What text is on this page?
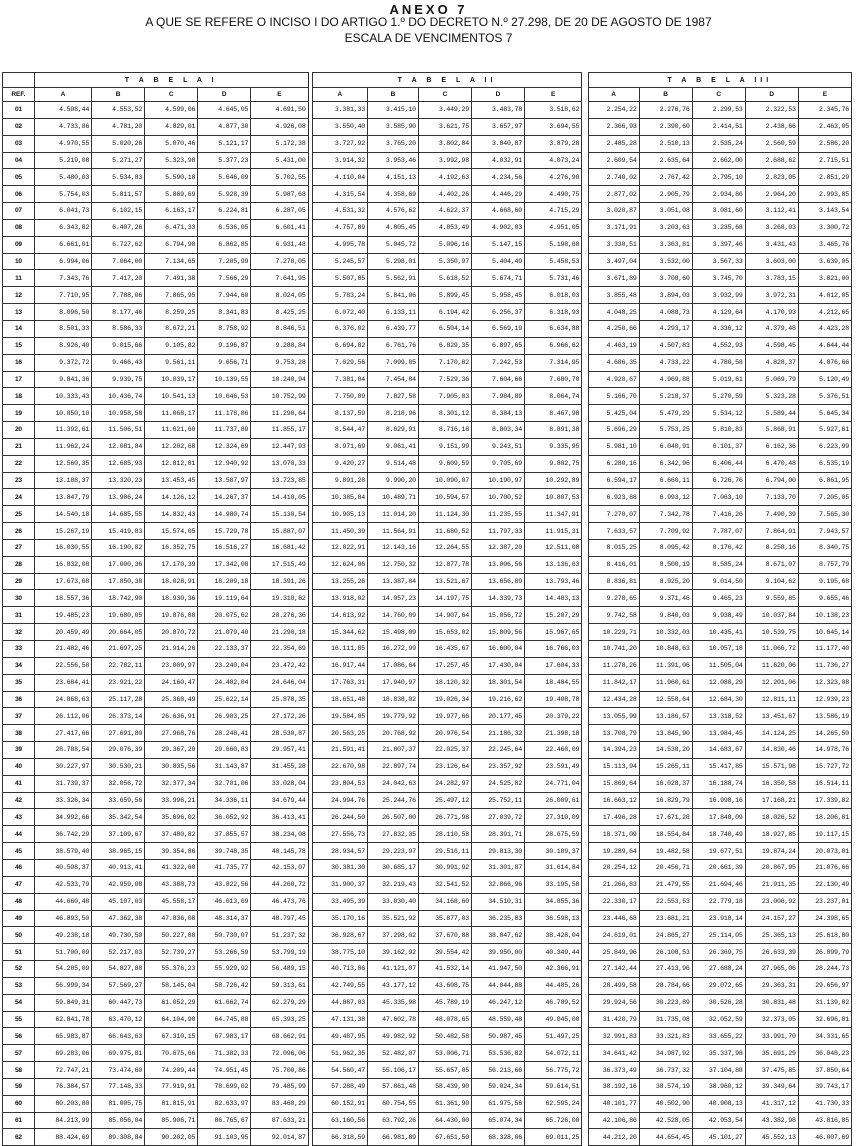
ANEXO 7
A QUE SE REFERE O INCISO I DO ARTIGO 1.º DO DECRETO N.º 27.298, DE 20 DE AGOSTO DE 1987
ESCALA DE VENCIMENTOS 7
	T A B E L A I						T A B E L A II						T A B E L A III				
REF.	A	B	C	D	E		A	B	C	D	E		A	B	C	D	E
01	4.508,44	4.553,52	4.599,06	4.645,05	4.691,50		3.381,33	3.415,10	3.449,29	3.483,78	3.518,62		2.254,22	2.276,76	2.299,53	2.322,53	2.345,76
02	4.733,86	4.781,20	4.829,01	4.877,30	4.926,08		3.550,40	3.585,90	3.621,75	3.657,97	3.694,55		2.366,93	2.390,60	2.414,51	2.438,66	2.463,05
03	4.970,55	5.020,26	5.070,46	5.121,17	5.172,38		3.727,92	3.765,20	3.802,84	3.840,87	3.879,28		2.485,28	2.510,13	2.535,24	2.560,59	2.586,20
04	5.219,08	5.271,27	5.323,98	5.377,23	5.431,00		3.914,32	3.953,46	3.992,98	4.032,91	4.073,24		2.609,54	2.635,64	2.662,00	2.688,62	2.715,51
05	5.480,03	5.534,83	5.590,18	5.646,09	5.702,55		4.110,04	4.151,13	4.192,63	4.234,56	4.276,90		2.740,02	2.767,42	2.795,10	2.823,05	2.851,29
06	5.754,03	5.811,57	5.869,69	5.928,39	5.987,68		4.315,54	4.358,69	4.402,26	4.446,29	4.490,75		2.877,02	2.905,79	2.934,86	2.964,20	2.993,85
07	6.041,73	6.102,15	6.163,17	6.224,81	6.287,05		4.531,32	4.576,62	4.622,37	4.668,60	4.715,29		3.020,87	3.051,08	3.081,60	3.112,41	3.143,54
08	6.343,82	6.407,26	6.471,33	6.536,05	6.601,41		4.757,89	4.805,45	4.853,49	4.902,03	4.951,05		3.171,91	3.203,63	3.235,68	3.268,03	3.300,72
09	6.661,01	6.727,62	6.794,90	6.862,85	6.931,48		4.995,78	5.045,72	5.096,16	5.147,15	5.198,60		3.330,51	3.363,81	3.397,46	3.431,43	3.465,76
10	6.994,06	7.064,00	7.134,65	7.205,99	7.278,05		5.245,57	5.298,01	5.350,97	5.404,49	5.458,53		3.497,04	3.532,00	3.567,33	3.603,00	3.639,05
11	7.343,76	7.417,20	7.491,38	7.566,29	7.641,95		5.507,85	5.562,91	5.618,52	5.674,71	5.731,46		3.671,89	3.708,60	3.745,70	3.783,15	3.821,00
12	7.710,95	7.788,06	7.865,95	7.944,60	8.024,05		5.783,24	5.841,06	5.899,45	5.958,45	6.018,03		3.855,48	3.894,03	3.932,99	3.972,31	4.012,05
13	8.096,50	8.177,46	8.259,25	8.341,83	8.425,25		6.072,40	6.133,11	6.194,42	6.256,37	6.318,93		4.048,25	4.088,73	4.129,64	4.170,93	4.212,65
14	8.501,33	8.586,33	8.672,21	8.758,92	8.846,51		6.376,02	6.439,77	6.504,14	6.569,19	6.634,88		4.250,66	4.293,17	4.336,12	4.379,48	4.423,28
15	8.926,40	9.015,66	9.105,82	9.196,87	9.288,84		6.694,82	6.761,76	6.829,35	6.897,65	6.966,62		4.463,19	4.507,83	4.552,93	4.598,45	4.644,44
16	9.372,72	9.466,43	9.561,11	9.656,71	9.753,28		7.029,56	7.099,85	7.170,82	7.242,53	7.314,95		4.686,35	4.733,22	4.780,58	4.828,37	4.876,66
17	9.841,36	9.939,75	10.039,17	10.139,55	10.240,94		7.381,04	7.454,84	7.529,36	7.604,66	7.680,70		4.920,67	4.969,88	5.019,61	5.069,79	5.120,49
18	10.333,43	10.436,74	10.541,13	10.646,53	10.752,99		7.750,09	7.827,58	7.905,83	7.984,89	8.064,74		5.166,70	5.218,37	5.270,59	5.323,28	5.376,51
19	10.850,10	10.958,58	11.068,17	11.178,86	11.290,64		8.137,59	8.218,96	8.301,12	8.384,13	8.467,98		5.425,04	5.479,29	5.534,12	5.589,44	5.645,34
20	11.392,61	11.506,51	11.621,60	11.737,80	11.855,17		8.544,47	8.629,91	8.716,18	8.803,34	8.891,38		5.696,29	5.753,25	5.810,83	5.868,91	5.927,61
21	11.962,24	12.081,84	12.202,68	12.324,69	12.447,93		8.971,69	9.061,41	9.151,99	9.243,51	9.335,95		5.981,10	6.040,91	6.101,37	6.162,36	6.223,99
22	12.560,35	12.685,93	12.812,81	12.940,92	13.070,33		9.420,27	9.514,48	9.609,59	9.705,69	9.802,75		6.280,16	6.342,96	6.406,44	6.470,48	6.535,19
23	13.188,37	13.320,23	13.453,45	13.587,97	13.723,85		9.891,28	9.990,20	10.090,07	10.190,97	10.292,89		6.594,17	6.660,11	6.726,76	6.794,00	6.861,95
24	13.847,79	13.986,24	14.126,12	14.267,37	14.410,05		10.385,84	10.489,71	10.594,57	10.700,52	10.807,53		6.923,88	6.993,12	7.063,10	7.133,70	7.205,05
25	14.540,18	14.685,55	14.832,43	14.980,74	15.130,54		10.905,13	11.014,20	11.124,30	11.235,55	11.347,91		7.270,07	7.342,78	7.416,26	7.490,39	7.565,30
26	15.267,19	15.419,83	15.574,05	15.729,78	15.887,07		11.450,39	11.564,91	11.680,52	11.797,33	11.915,31		7.633,57	7.709,92	7.787,07	7.864,91	7.943,57
27	16.030,55	16.190,82	16.352,75	16.516,27	16.681,42		12.022,91	12.143,16	12.264,55	12.387,20	12.511,08		8.015,25	8.095,42	8.176,42	8.258,16	8.340,75
28	16.832,08	17.000,36	17.170,39	17.342,08	17.515,49		12.624,06	12.750,32	12.877,78	13.006,56	13.136,63		8.416,01	8.500,19	8.585,24	8.671,07	8.757,79
29	17.673,68	17.850,38	18.028,91	18.209,18	18.391,26		13.255,26	13.387,84	13.521,67	13.656,89	13.793,46		8.836,81	8.925,20	9.014,50	9.104,62	9.195,68
30	18.557,36	18.742,90	18.930,36	19.119,64	19.310,82		13.918,02	14.057,23	14.197,75	14.339,73	14.483,13		9.278,65	9.371,46	9.465,23	9.559,85	9.655,46
31	19.485,23	19.680,05	19.876,88	20.075,62	20.276,36		14.613,92	14.760,09	14.907,64	15.056,72	15.207,29		9.742,58	9.840,03	9.938,49	10.037,84	10.138,23
32	20.459,49	20.664,05	20.870,72	21.079,40	21.290,18		15.344,62	15.498,09	15.653,02	15.809,56	15.967,65		10.229,71	10.332,03	10.435,41	10.539,75	10.645,14
33	21.482,46	21.697,25	21.914,26	22.133,37	22.354,69		16.111,85	16.272,99	16.435,67	16.600,04	16.766,03		10.741,20	10.848,63	10.957,18	11.066,72	11.177,40
34	22.556,58	22.782,11	23.009,97	23.240,04	23.472,42		16.917,44	17.086,64	17.257,45	17.430,04	17.604,33		11.278,26	11.391,06	11.505,04	11.620,06	11.736,27
35	23.684,41	23.921,22	24.160,47	24.402,04	24.646,04		17.763,31	17.940,97	18.120,32	18.301,54	18.484,55		11.842,17	11.960,61	12.080,29	12.201,06	12.323,08
36	24.868,63	25.117,28	25.368,49	25.622,14	25.878,35		18.651,48	18.838,02	19.026,34	19.216,62	19.408,78		12.434,28	12.558,64	12.684,30	12.811,11	12.939,23
37	26.112,06	26.373,14	26.636,91	26.903,25	27.172,26		19.584,05	19.779,92	19.977,66	20.177,45	20.379,22		13.055,99	13.186,57	13.318,52	13.451,67	13.586,19
38	27.417,66	27.691,80	27.968,76	28.248,41	28.530,87		20.563,25	20.768,92	20.976,54	21.186,32	21.398,18		13.708,79	13.845,90	13.984,45	14.124,25	14.265,50
39	28.788,54	29.076,39	29.367,20	29.660,83	29.957,41		21.591,41	21.807,37	22.025,37	22.245,64	22.468,09		14.394,23	14.538,20	14.683,67	14.830,46	14.978,76
40	30.227,97	30.530,21	30.835,56	31.143,87	31.455,28		22.670,98	22.897,74	23.126,64	23.357,92	23.591,49		15.113,94	15.265,11	15.417,85	15.571,98	15.727,72
41	31.739,37	32.056,72	32.377,34	32.701,06	33.028,04		23.804,53	24.042,63	24.282,97	24.525,82	24.771,04		15.869,64	16.028,37	16.188,74	16.350,58	16.514,11
42	33.326,34	33.659,56	33.996,21	34.336,11	34.679,44		24.994,76	25.244,76	25.497,12	25.752,11	26.009,61		16.663,12	16.829,79	16.998,16	17.168,21	17.339,82
43	34.992,66	35.342,54	35.696,02	36.052,92	36.413,41		26.244,50	26.507,00	26.771,98	27.039,72	27.310,09		17.496,28	17.671,28	17.848,09	18.026,52	18.206,81
44	36.742,29	37.109,67	37.480,82	37.855,57	38.234,08		27.556,73	27.832,35	28.110,58	28.391,71	28.675,59		18.371,09	18.554,84	18.740,49	18.927,85	19.117,15
45	38.579,40	38.965,15	39.354,86	39.748,35	40.145,78		28.934,57	29.223,97	29.516,11	29.813,30	30.109,37		19.289,64	19.482,58	19.677,51	19.874,24	20.073,01
46	40.508,37	40.913,41	41.322,60	41.735,77	42.153,07		30.381,30	30.685,17	30.991,92	31.301,87	31.614,84		20.254,12	20.456,71	20.661,39	20.867,95	21.076,66
47	42.533,79	42.959,08	43.388,73	43.822,56	44.260,72		31.900,37	32.219,43	32.541,52	32.866,96	33.195,58		21.266,83	21.479,55	21.694,46	21.911,35	22.130,49
48	44.660,48	45.107,03	45.558,17	46.013,69	46.473,76		33.495,39	33.830,40	34.168,60	34.510,31	34.855,36		22.330,17	22.553,53	22.779,18	23.006,92	23.237,01
49	46.893,50	47.362,38	47.836,08	48.314,37	48.797,45		35.170,16	35.521,92	35.877,03	36.235,83	36.598,13		23.446,68	23.681,21	23.918,14	24.157,27	24.398,65
50	49.238,18	49.730,50	50.227,88	50.730,07	51.237,32		36.928,67	37.298,02	37.670,88	38.047,62	38.428,04		24.619,01	24.865,27	25.114,05	25.365,13	25.618,80
51	51.700,09	52.217,03	52.739,27	53.266,59	53.799,19		38.775,10	39.162,92	39.554,42	39.950,00	40.349,44		25.849,96	26.108,53	26.369,75	26.633,39	26.899,79
52	54.285,09	54.827,88	55.376,23	55.929,92	56.489,15		40.713,86	41.121,07	41.532,14	41.947,50	42.366,91		27.142,44	27.413,96	27.688,24	27.965,06	28.244,73
53	56.999,34	57.569,27	58.145,04	58.726,42	59.313,61		42.749,55	43.177,12	43.608,75	44.044,88	44.485,26		28.499,58	28.784,66	29.072,65	29.363,31	29.656,97
54	59.849,31	60.447,73	61.052,29	61.662,74	62.279,29		44.887,03	45.335,98	45.789,19	46.247,12	46.709,52		29.924,56	30.223,89	30.526,28	30.831,48	31.139,82
55	62.841,78	63.470,12	64.104,90	64.745,88	65.393,25		47.131,38	47.602,78	48.078,65	48.559,48	49.045,00		31.420,79	31.735,08	32.052,59	32.373,05	32.696,81
56	65.983,87	66.643,63	67.310,15	67.983,17	68.662,91		49.487,95	49.982,92	50.482,58	50.987,45	51.497,25		32.991,83	33.321,83	33.655,22	33.991,70	34.331,65
57	69.283,06	69.975,81	70.675,66	71.382,33	72.096,06		51.962,35	52.482,07	53.006,71	53.536,82	54.072,11		34.641,42	34.987,92	35.337,98	35.691,29	36.048,23
58	72.747,21	73.474,60	74.209,44	74.951,45	75.700,86		54.560,47	55.106,17	55.657,05	56.213,66	56.775,72		36.373,49	36.737,32	37.104,88	37.475,85	37.850,64
59	76.384,57	77.148,33	77.919,91	78.699,02	79.485,99		57.288,49	57.861,48	58.439,90	59.024,34	59.614,51		38.192,16	38.574,19	38.960,12	39.349,64	39.743,17
60	80.203,80	81.005,75	81.815,91	82.633,97	83.460,29		60.152,91	60.754,55	61.361,90	61.975,56	62.595,24		40.101,77	40.502,90	40.908,13	41.317,12	41.730,33
61	84.213,99	85.056,04	85.906,71	86.765,67	87.633,21		63.160,56	63.792,26	64.430,00	65.074,34	65.726,00		42.106,86	42.528,05	42.953,54	43.382,98	43.816,85
62	88.424,69	89.308,84	90.202,05	91.103,95	92.014,87		66.318,59	66.981,89	67.651,50	68.328,06	69.011,25		44.212,20	44.654,45	45.101,27	45.552,13	46.007,69
